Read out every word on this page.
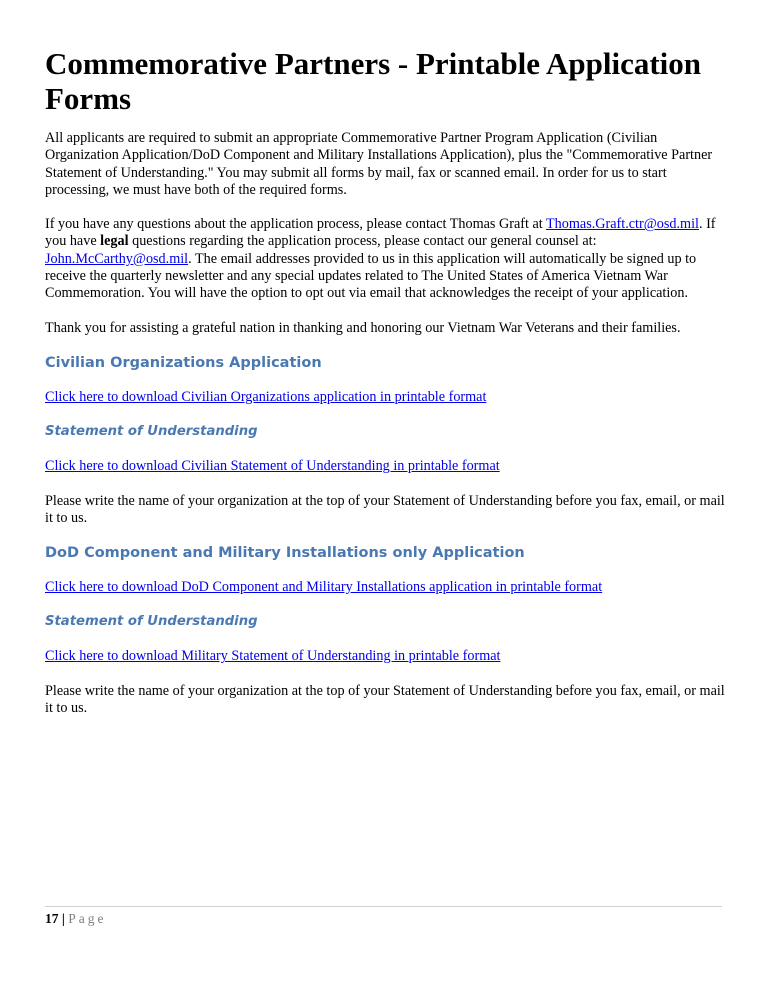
Commemorative Partners - Printable Application Forms

All applicants are required to submit an appropriate Commemorative Partner Program Application (Civilian Organization Application/DoD Component and Military Installations Application), plus the "Commemorative Partner Statement of Understanding." You may submit all forms by mail, fax or scanned email. In order for us to start processing, we must have both of the required forms.

If you have any questions about the application process, please contact Thomas Graft at Thomas.Graft.ctr@osd.mil. If you have legal questions regarding the application process, please contact our general counsel at: John.McCarthy@osd.mil. The email addresses provided to us in this application will automatically be signed up to receive the quarterly newsletter and any special updates related to The United States of America Vietnam War Commemoration. You will have the option to opt out via email that acknowledges the receipt of your application.

Thank you for assisting a grateful nation in thanking and honoring our Vietnam War Veterans and their families.

Civilian Organizations Application

Click here to download Civilian Organizations application in printable format

Statement of Understanding

Click here to download Civilian Statement of Understanding in printable format

Please write the name of your organization at the top of your Statement of Understanding before you fax, email, or mail it to us.

DoD Component and Military Installations only Application

Click here to download DoD Component and Military Installations application in printable format

Statement of Understanding

Click here to download Military Statement of Understanding in printable format

Please write the name of your organization at the top of your Statement of Understanding before you fax, email, or mail it to us.

17 | Page
